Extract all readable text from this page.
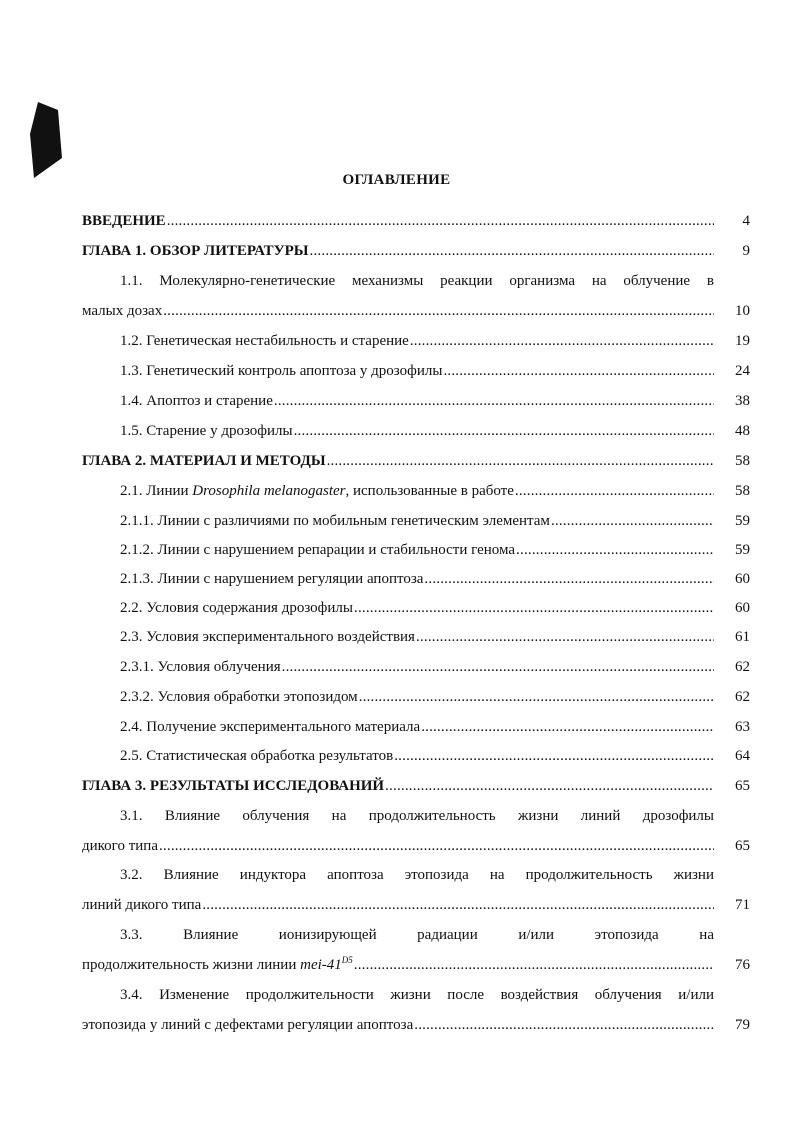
ОГЛАВЛЕНИЕ
ВВЕДЕНИЕ .....	4
ГЛАВА 1. ОБЗОР ЛИТЕРАТУРЫ .....	9
1.1. Молекулярно-генетические механизмы реакции организма на облучение в
малых дозах .....	10
1.2. Генетическая нестабильность и старение .....	19
1.3. Генетический контроль апоптоза у дрозофилы .....	24
1.4. Апоптоз и старение .....	38
1.5. Старение у дрозофилы .....	48
ГЛАВА 2. МАТЕРИАЛ И МЕТОДЫ .....	58
2.1. Линии Drosophila melanogaster, использованные в работе .....	58
2.1.1. Линии с различиями по мобильным генетическим элементам .....	59
2.1.2. Линии с нарушением репарации и стабильности генома .....	59
2.1.3. Линии с нарушением регуляции апоптоза .....	60
2.2. Условия содержания дрозофилы .....	60
2.3. Условия экспериментального воздействия .....	61
2.3.1. Условия облучения .....	62
2.3.2. Условия обработки этопозидом .....	62
2.4. Получение экспериментального материала .....	63
2.5. Статистическая обработка результатов .....	64
ГЛАВА 3. РЕЗУЛЬТАТЫ ИССЛЕДОВАНИЙ .....	65
3.1. Влияние облучения на продолжительность жизни линий дрозофилы
дикого типа .....	65
3.2. Влияние индуктора апоптоза этопозида на продолжительность жизни
линий дикого типа .....	71
3.3. Влияние ионизирующей радиации и/или этопозида на
продолжительность жизни линии mei-$41^{D5}$ .....	76
3.4. Изменение продолжительности жизни после воздействия облучения и/или
этопозида у линий с дефектами регуляции апоптоза .....	79
